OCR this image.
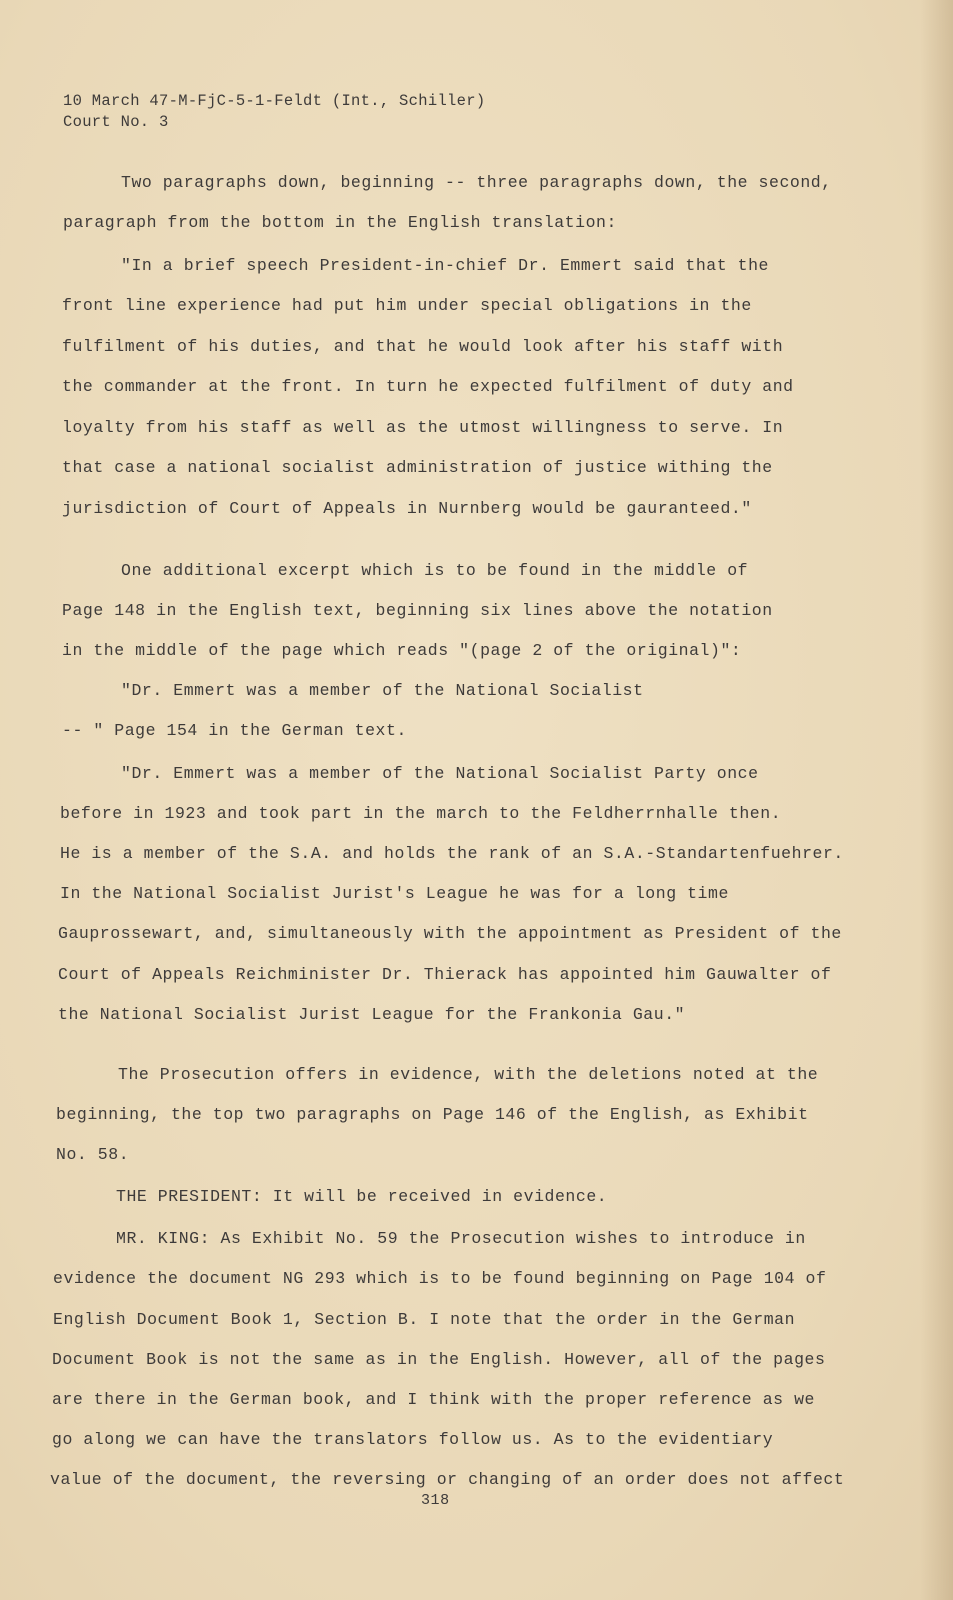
10 March 47-M-FjC-5-1-Feldt (Int., Schiller)
Court No. 3
Two paragraphs down, beginning -- three paragraphs down, the second,
paragraph from the bottom in the English translation:
"In a brief speech President-in-chief Dr. Emmert said that the
front line experience had put him under special obligations in the
fulfilment of his duties, and that he would look after his staff with
the commander at the front. In turn he expected fulfilment of duty and
loyalty from his staff as well as the utmost willingness to serve. In
that case a national socialist administration of justice withing the
jurisdiction of Court of Appeals in Nurnberg would be gauranteed."
One additional excerpt which is to be found in the middle of
Page 148 in the English text, beginning six lines above the notation
in the middle of the page which reads "(page 2 of the original)":
"Dr. Emmert was a member of the National Socialist
-- " Page 154 in the German text.
"Dr. Emmert was a member of the National Socialist Party once
before in 1923 and took part in the march to the Feldherrnhalle then.
He is a member of the S.A. and holds the rank of an S.A.-Standartenfuehrer.
In the National Socialist Jurist's League he was for a long time
Gauprossewart, and, simultaneously with the appointment as President of the
Court of Appeals Reichminister Dr. Thierack has appointed him Gauwalter of
the National Socialist Jurist League for the Frankonia Gau."
The Prosecution offers in evidence, with the deletions noted at the
beginning, the top two paragraphs on Page 146 of the English, as Exhibit
No. 58.
THE PRESIDENT: It will be received in evidence.
MR. KING: As Exhibit No. 59 the Prosecution wishes to introduce in
evidence the document NG 293 which is to be found beginning on Page 104 of
English Document Book 1, Section B. I note that the order in the German
Document Book is not the same as in the English. However, all of the pages
are there in the German book, and I think with the proper reference as we
go along we can have the translators follow us. As to the evidentiary
value of the document, the reversing or changing of an order does not affect
318
